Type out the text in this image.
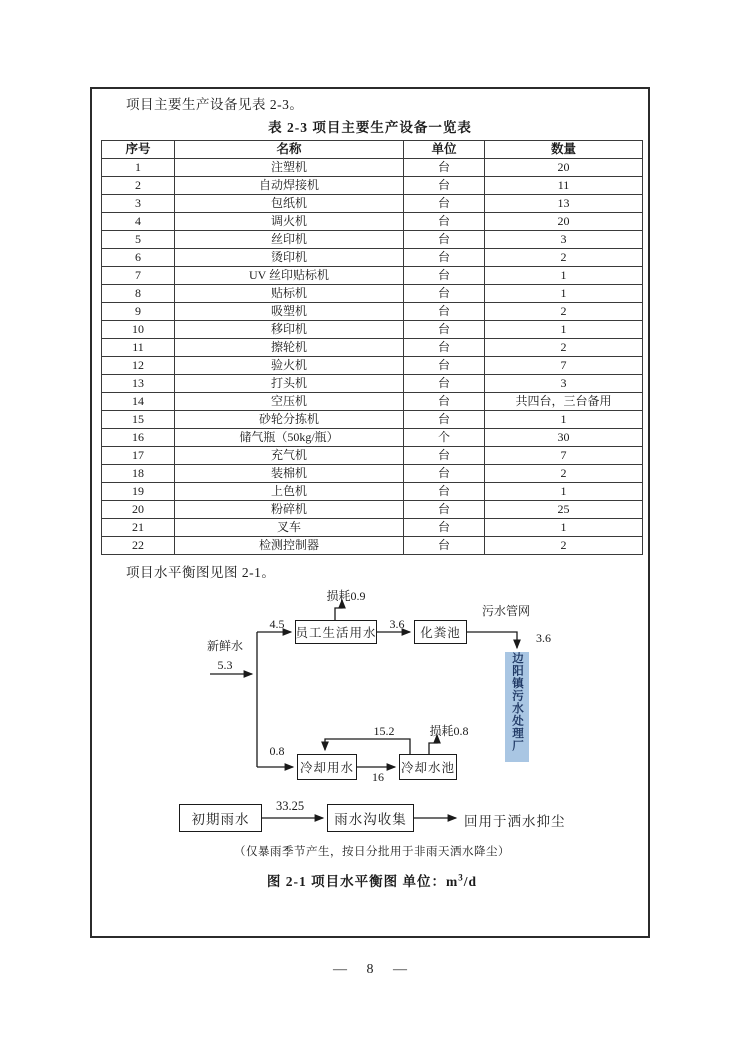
项目主要生产设备见表 2-3。
表 2-3 项目主要生产设备一览表
序号	名称	单位	数量
1	注塑机	台	20
2	自动焊接机	台	11
3	包纸机	台	13
4	调火机	台	20
5	丝印机	台	3
6	烫印机	台	2
7	UV 丝印贴标机	台	1
8	贴标机	台	1
9	吸塑机	台	2
10	移印机	台	1
11	擦轮机	台	2
12	验火机	台	7
13	打头机	台	3
14	空压机	台	共四台，三台备用
15	砂轮分拣机	台	1
16	储气瓶（50kg/瓶）	个	30
17	充气机	台	7
18	装棉机	台	2
19	上色机	台	1
20	粉碎机	台	25
21	叉车	台	1
22	检测控制器	台	2
项目水平衡图见图 2-1。
新鲜水
5.3
4.5
员工生活用水
损耗0.9
3.6
化粪池
污水管网
3.6
边阳镇污水处理厂
0.8
冷却用水
15.2
16
冷却水池
损耗0.8
初期雨水
33.25
雨水沟收集	回用于洒水抑尘
（仅暴雨季节产生，按日分批用于非雨天洒水降尘）
图 2-1 项目水平衡图 单位：$m^3/d$
— 8 —
